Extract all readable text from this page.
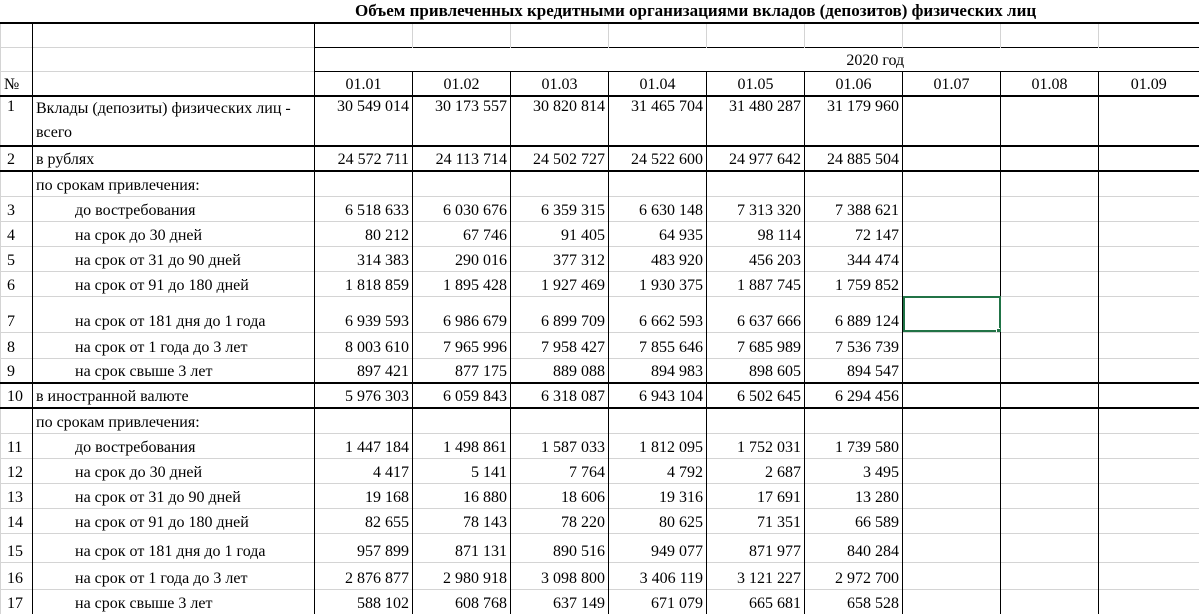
Объем привлеченных кредитными организациями вкладов (депозитов) физических лиц

		2020 год								
№		01.01	01.02	01.03	01.04	01.05	01.06	01.07	01.08	01.09
1	Вклады (депозиты) физических лиц - всего	30 549 014	30 173 557	30 820 814	31 465 704	31 480 287	31 179 960			
2	в рублях	24 572 711	24 113 714	24 502 727	24 522 600	24 977 642	24 885 504			
	по срокам привлечения:									
3	до востребования	6 518 633	6 030 676	6 359 315	6 630 148	7 313 320	7 388 621			
4	на срок до 30 дней	80 212	67 746	91 405	64 935	98 114	72 147			
5	на срок от 31 до 90 дней	314 383	290 016	377 312	483 920	456 203	344 474			
6	на срок от 91 до 180 дней	1 818 859	1 895 428	1 927 469	1 930 375	1 887 745	1 759 852			
7	на срок от 181 дня до 1 года	6 939 593	6 986 679	6 899 709	6 662 593	6 637 666	6 889 124			
8	на срок от 1 года до 3 лет	8 003 610	7 965 996	7 958 427	7 855 646	7 685 989	7 536 739			
9	на срок свыше 3 лет	897 421	877 175	889 088	894 983	898 605	894 547			
10	в иностранной валюте	5 976 303	6 059 843	6 318 087	6 943 104	6 502 645	6 294 456			
	по срокам привлечения:									
11	до востребования	1 447 184	1 498 861	1 587 033	1 812 095	1 752 031	1 739 580			
12	на срок до 30 дней	4 417	5 141	7 764	4 792	2 687	3 495			
13	на срок от 31 до 90 дней	19 168	16 880	18 606	19 316	17 691	13 280			
14	на срок от 91 до 180 дней	82 655	78 143	78 220	80 625	71 351	66 589			
15	на срок от 181 дня до 1 года	957 899	871 131	890 516	949 077	871 977	840 284			
16	на срок от 1 года до 3 лет	2 876 877	2 980 918	3 098 800	3 406 119	3 121 227	2 972 700			
17	на срок свыше 3 лет	588 102	608 768	637 149	671 079	665 681	658 528			
